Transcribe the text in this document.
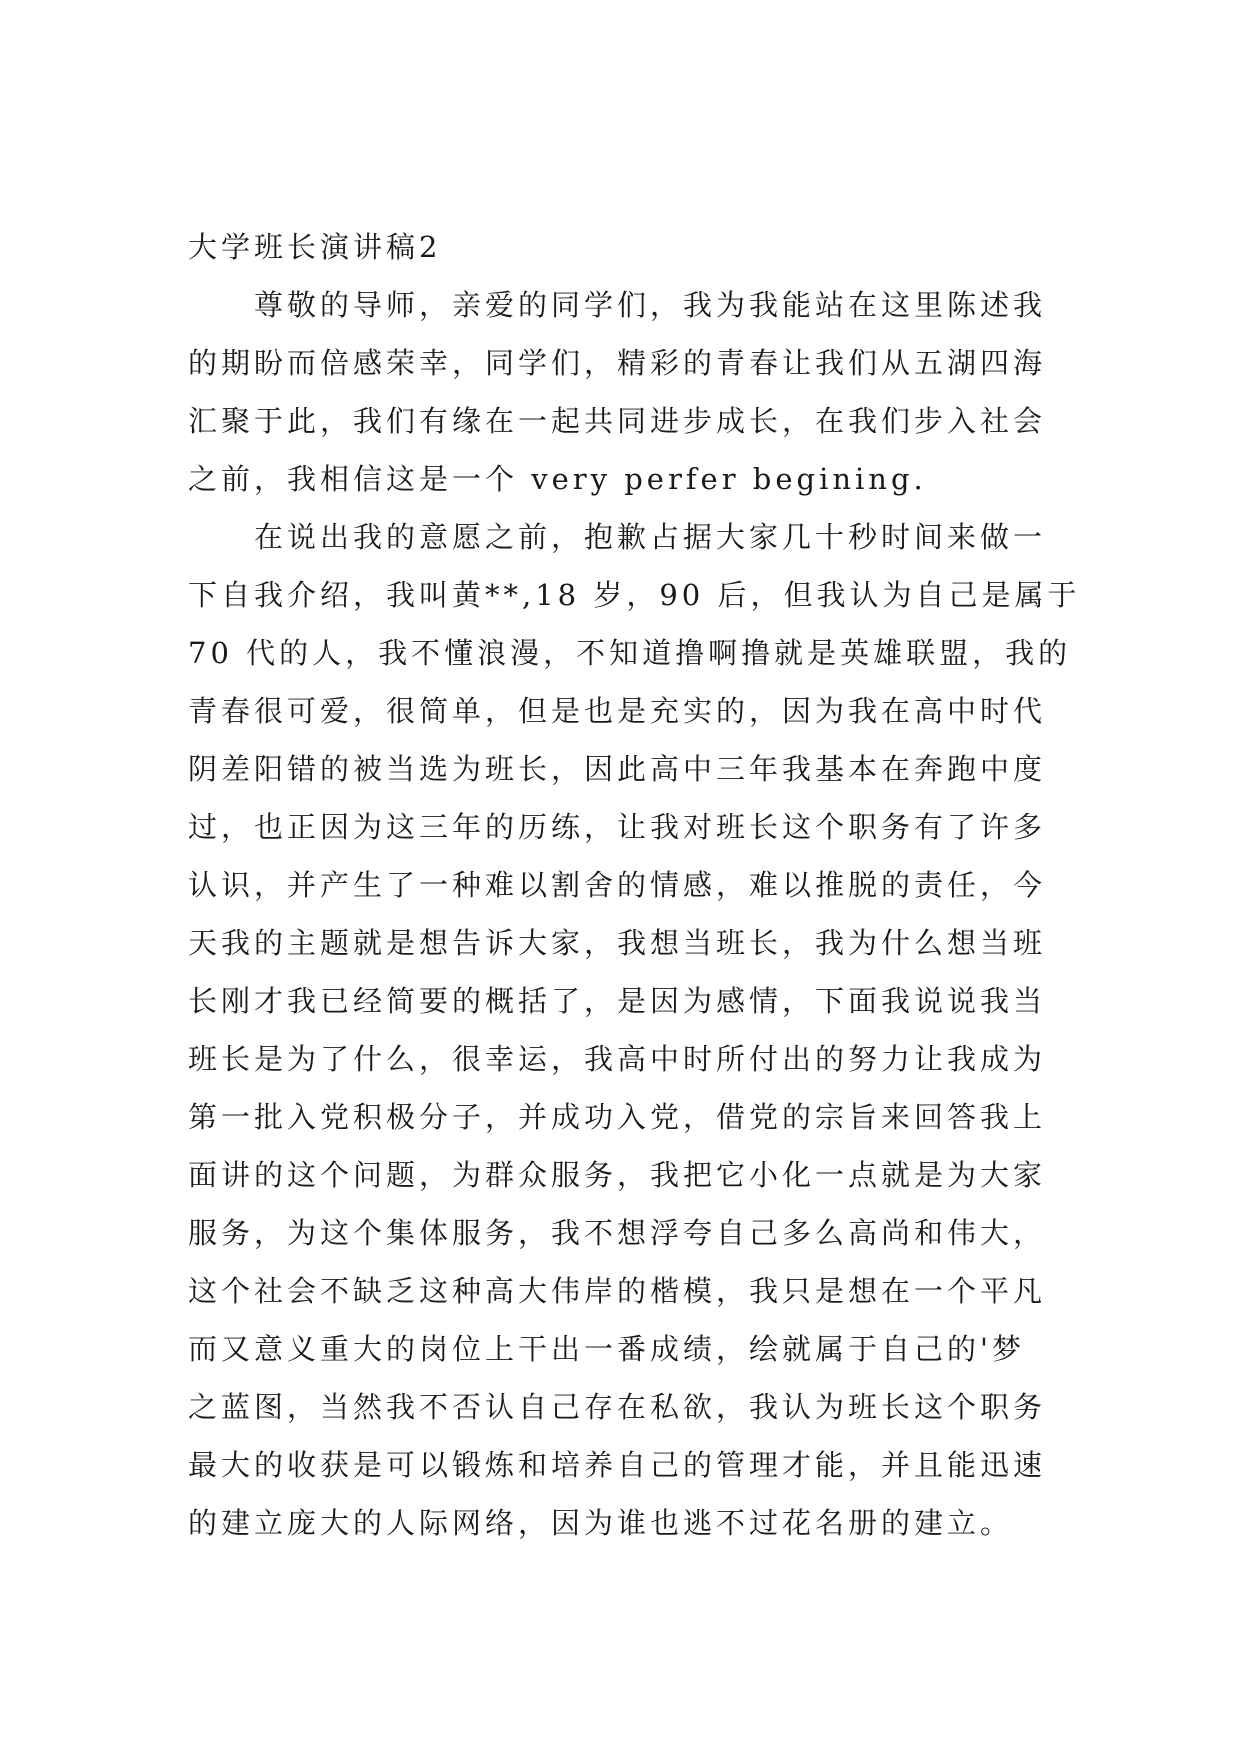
大学班长演讲稿2
尊敬的导师，亲爱的同学们，我为我能站在这里陈述我
的期盼而倍感荣幸，同学们，精彩的青春让我们从五湖四海
汇聚于此，我们有缘在一起共同进步成长，在我们步入社会
之前，我相信这是一个 very perfer begining.
在说出我的意愿之前，抱歉占据大家几十秒时间来做一
下自我介绍，我叫黄**,18 岁，90 后，但我认为自己是属于
70 代的人，我不懂浪漫，不知道撸啊撸就是英雄联盟，我的
青春很可爱，很简单，但是也是充实的，因为我在高中时代
阴差阳错的被当选为班长，因此高中三年我基本在奔跑中度
过，也正因为这三年的历练，让我对班长这个职务有了许多
认识，并产生了一种难以割舍的情感，难以推脱的责任，今
天我的主题就是想告诉大家，我想当班长，我为什么想当班
长刚才我已经简要的概括了，是因为感情，下面我说说我当
班长是为了什么，很幸运，我高中时所付出的努力让我成为
第一批入党积极分子，并成功入党，借党的宗旨来回答我上
面讲的这个问题，为群众服务，我把它小化一点就是为大家
服务，为这个集体服务，我不想浮夸自己多么高尚和伟大，
这个社会不缺乏这种高大伟岸的楷模，我只是想在一个平凡
而又意义重大的岗位上干出一番成绩，绘就属于自己的'梦
之蓝图，当然我不否认自己存在私欲，我认为班长这个职务
最大的收获是可以锻炼和培养自己的管理才能，并且能迅速
的建立庞大的人际网络，因为谁也逃不过花名册的建立。
